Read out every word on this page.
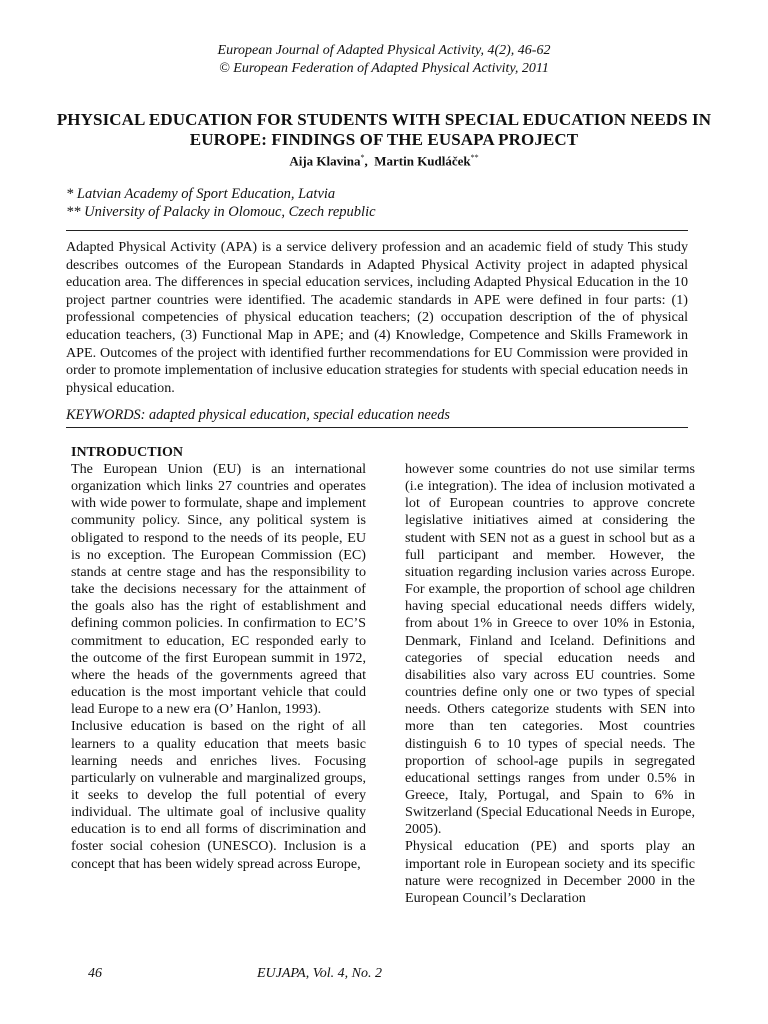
European Journal of Adapted Physical Activity, 4(2), 46-62
© European Federation of Adapted Physical Activity, 2011
PHYSICAL EDUCATION FOR STUDENTS WITH SPECIAL EDUCATION NEEDS IN EUROPE: FINDINGS OF THE EUSAPA PROJECT
Aija Klavina*,  Martin Kudláček**
* Latvian Academy of Sport Education, Latvia
** University of Palacky in Olomouc, Czech republic

Adapted Physical Activity (APA) is a service delivery profession and an academic field of study This study describes outcomes of the European Standards in Adapted Physical Activity project in adapted physical education area. The differences in special education services, including Adapted Physical Education in the 10 project partner countries were identified. The academic standards in APE were defined in four parts: (1) professional competencies of physical education teachers; (2) occupation description of the of physical education teachers, (3) Functional Map in APE; and (4) Knowledge, Competence and Skills Framework in APE. Outcomes of the project with identified further recommendations for EU Commission were provided in order to promote implementation of inclusive education strategies for students with special education needs in physical education.

KEYWORDS: adapted physical education, special education needs
INTRODUCTION

The European Union (EU) is an international organization which links 27 countries and operates with wide power to formulate, shape and implement community policy. Since, any political system is obligated to respond to the needs of its people, EU is no exception. The European Commission (EC) stands at centre stage and has the responsibility to take the decisions necessary for the attainment of the goals also has the right of establishment and defining common policies. In confirmation to EC’S commitment to education, EC responded early to the outcome of the first European summit in 1972, where the heads of the governments agreed that education is the most important vehicle that could lead Europe to a new era (O’ Hanlon, 1993).

Inclusive education is based on the right of all learners to a quality education that meets basic learning needs and enriches lives. Focusing particularly on vulnerable and marginalized groups, it seeks to develop the full potential of every individual. The ultimate goal of inclusive quality education is to end all forms of discrimination and foster social cohesion (UNESCO). Inclusion is a concept that has been widely spread across Europe,

however some countries do not use similar terms (i.e integration). The idea of inclusion motivated a lot of European countries to approve concrete legislative initiatives aimed at considering the student with SEN not as a guest in school but as a full participant and member. However, the situation regarding inclusion varies across Europe. For example, the proportion of school age children having special educational needs differs widely, from about 1% in Greece to over 10% in Estonia, Denmark, Finland and Iceland. Definitions and categories of special education needs and disabilities also vary across EU countries. Some countries define only one or two types of special needs. Others categorize students with SEN into more than ten categories. Most countries distinguish 6 to 10 types of special needs. The proportion of school-age pupils in segregated educational settings ranges from under 0.5% in Greece, Italy, Portugal, and Spain to 6% in Switzerland (Special Educational Needs in Europe, 2005).

Physical education (PE) and sports play an important role in European society and its specific nature were recognized in December 2000 in the European Council’s Declaration

46	EUJAPA, Vol. 4, No. 2
